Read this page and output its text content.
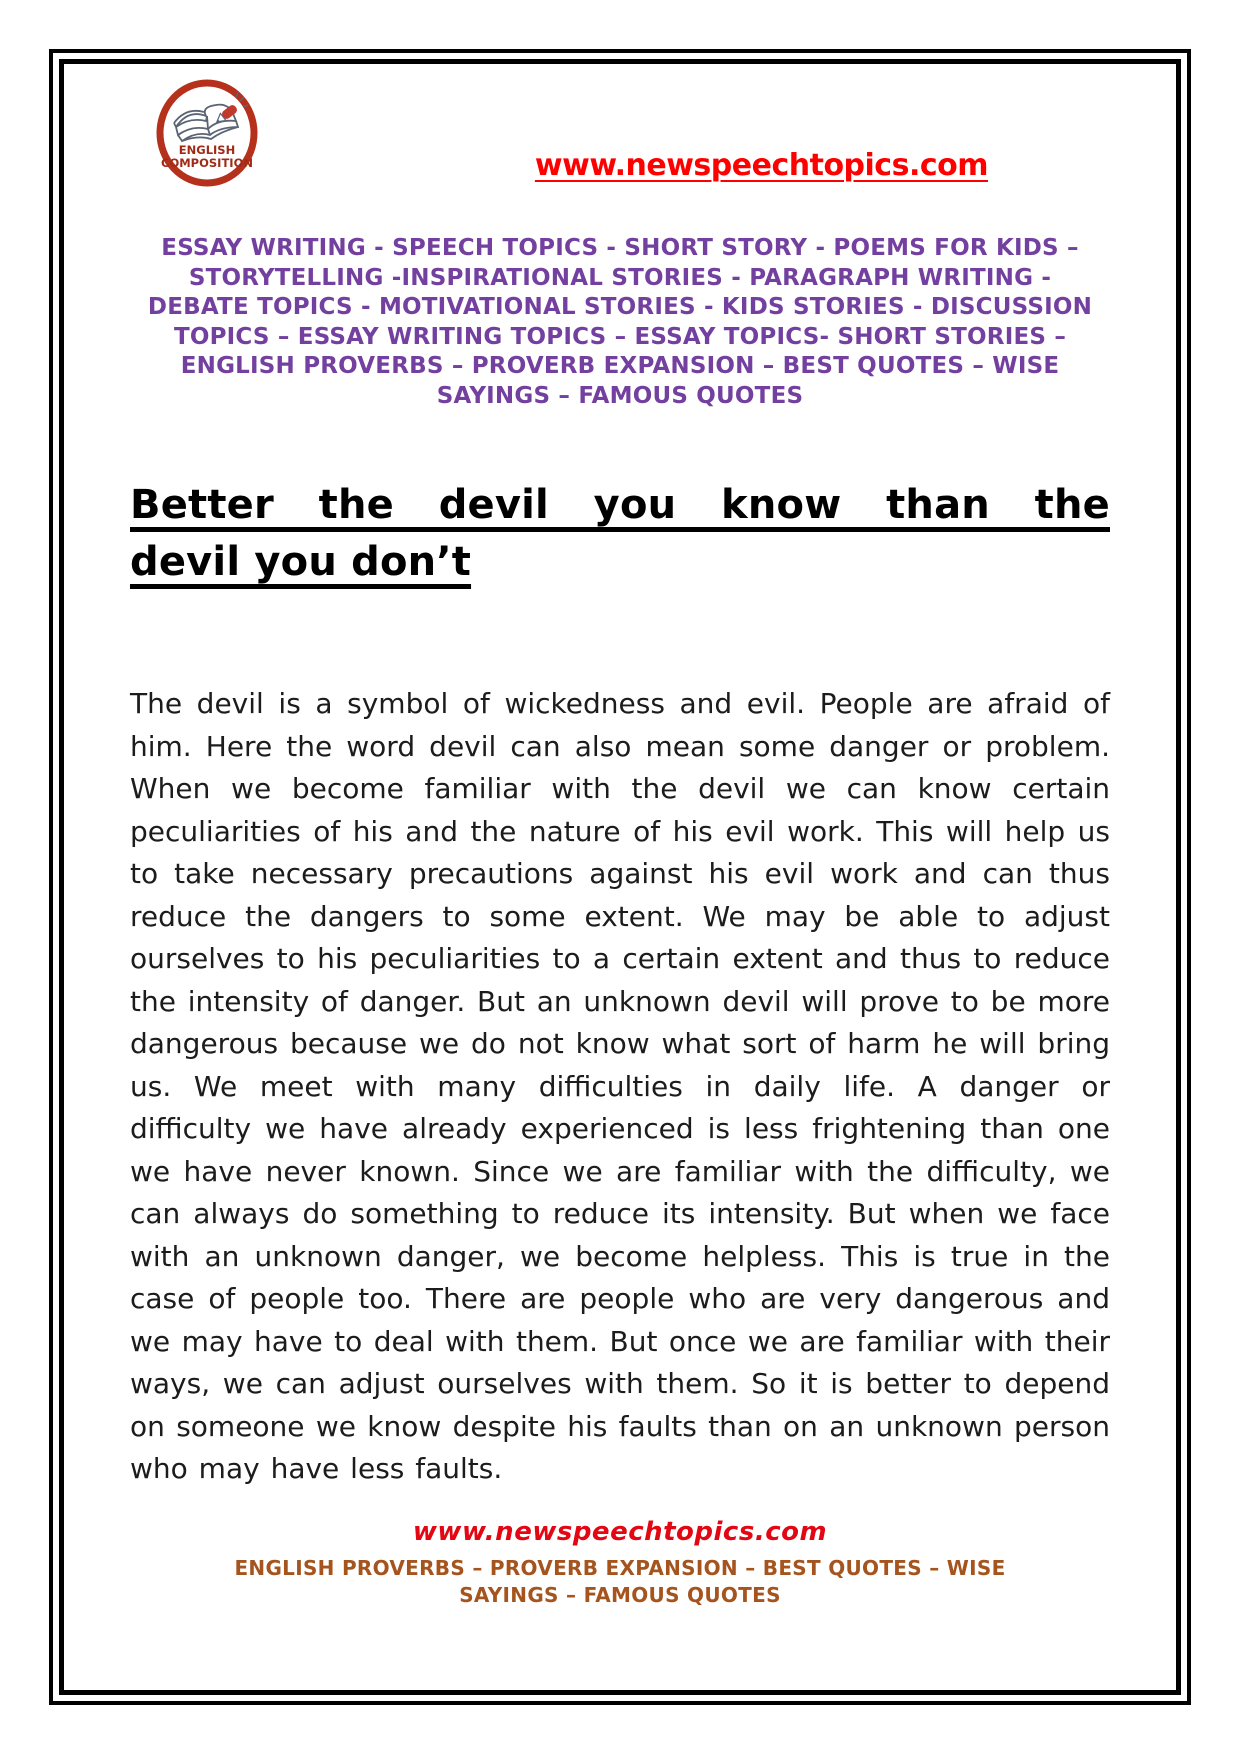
ENGLISH
COMPOSITION	www.newspeechtopics.com
ESSAY WRITING - SPEECH TOPICS - SHORT STORY - POEMS FOR KIDS –
STORYTELLING -INSPIRATIONAL STORIES - PARAGRAPH WRITING -
DEBATE TOPICS - MOTIVATIONAL STORIES - KIDS STORIES - DISCUSSION
TOPICS – ESSAY WRITING TOPICS – ESSAY TOPICS- SHORT STORIES –
ENGLISH PROVERBS – PROVERB EXPANSION – BEST QUOTES – WISE
SAYINGS – FAMOUS QUOTES
Better the devil you know than the
devil you don’t

The devil is a symbol of wickedness and evil. People are afraid of him. Here the word devil can also mean some danger or problem. When we become familiar with the devil we can know certain peculiarities of his and the nature of his evil work. This will help us to take necessary precautions against his evil work and can thus reduce the dangers to some extent. We may be able to adjust ourselves to his peculiarities to a certain extent and thus to reduce the intensity of danger. But an unknown devil will prove to be more dangerous because we do not know what sort of harm he will bring us. We meet with many difficulties in daily life. A danger or difficulty we have already experienced is less frightening than one we have never known. Since we are familiar with the difficulty, we can always do something to reduce its intensity. But when we face with an unknown danger, we become helpless. This is true in the case of people too. There are people who are very dangerous and we may have to deal with them. But once we are familiar with their ways, we can adjust ourselves with them. So it is better to depend on someone we know despite his faults than on an unknown person who may have less faults.

www.newspeechtopics.com
ENGLISH PROVERBS – PROVERB EXPANSION – BEST QUOTES – WISE
SAYINGS – FAMOUS QUOTES
